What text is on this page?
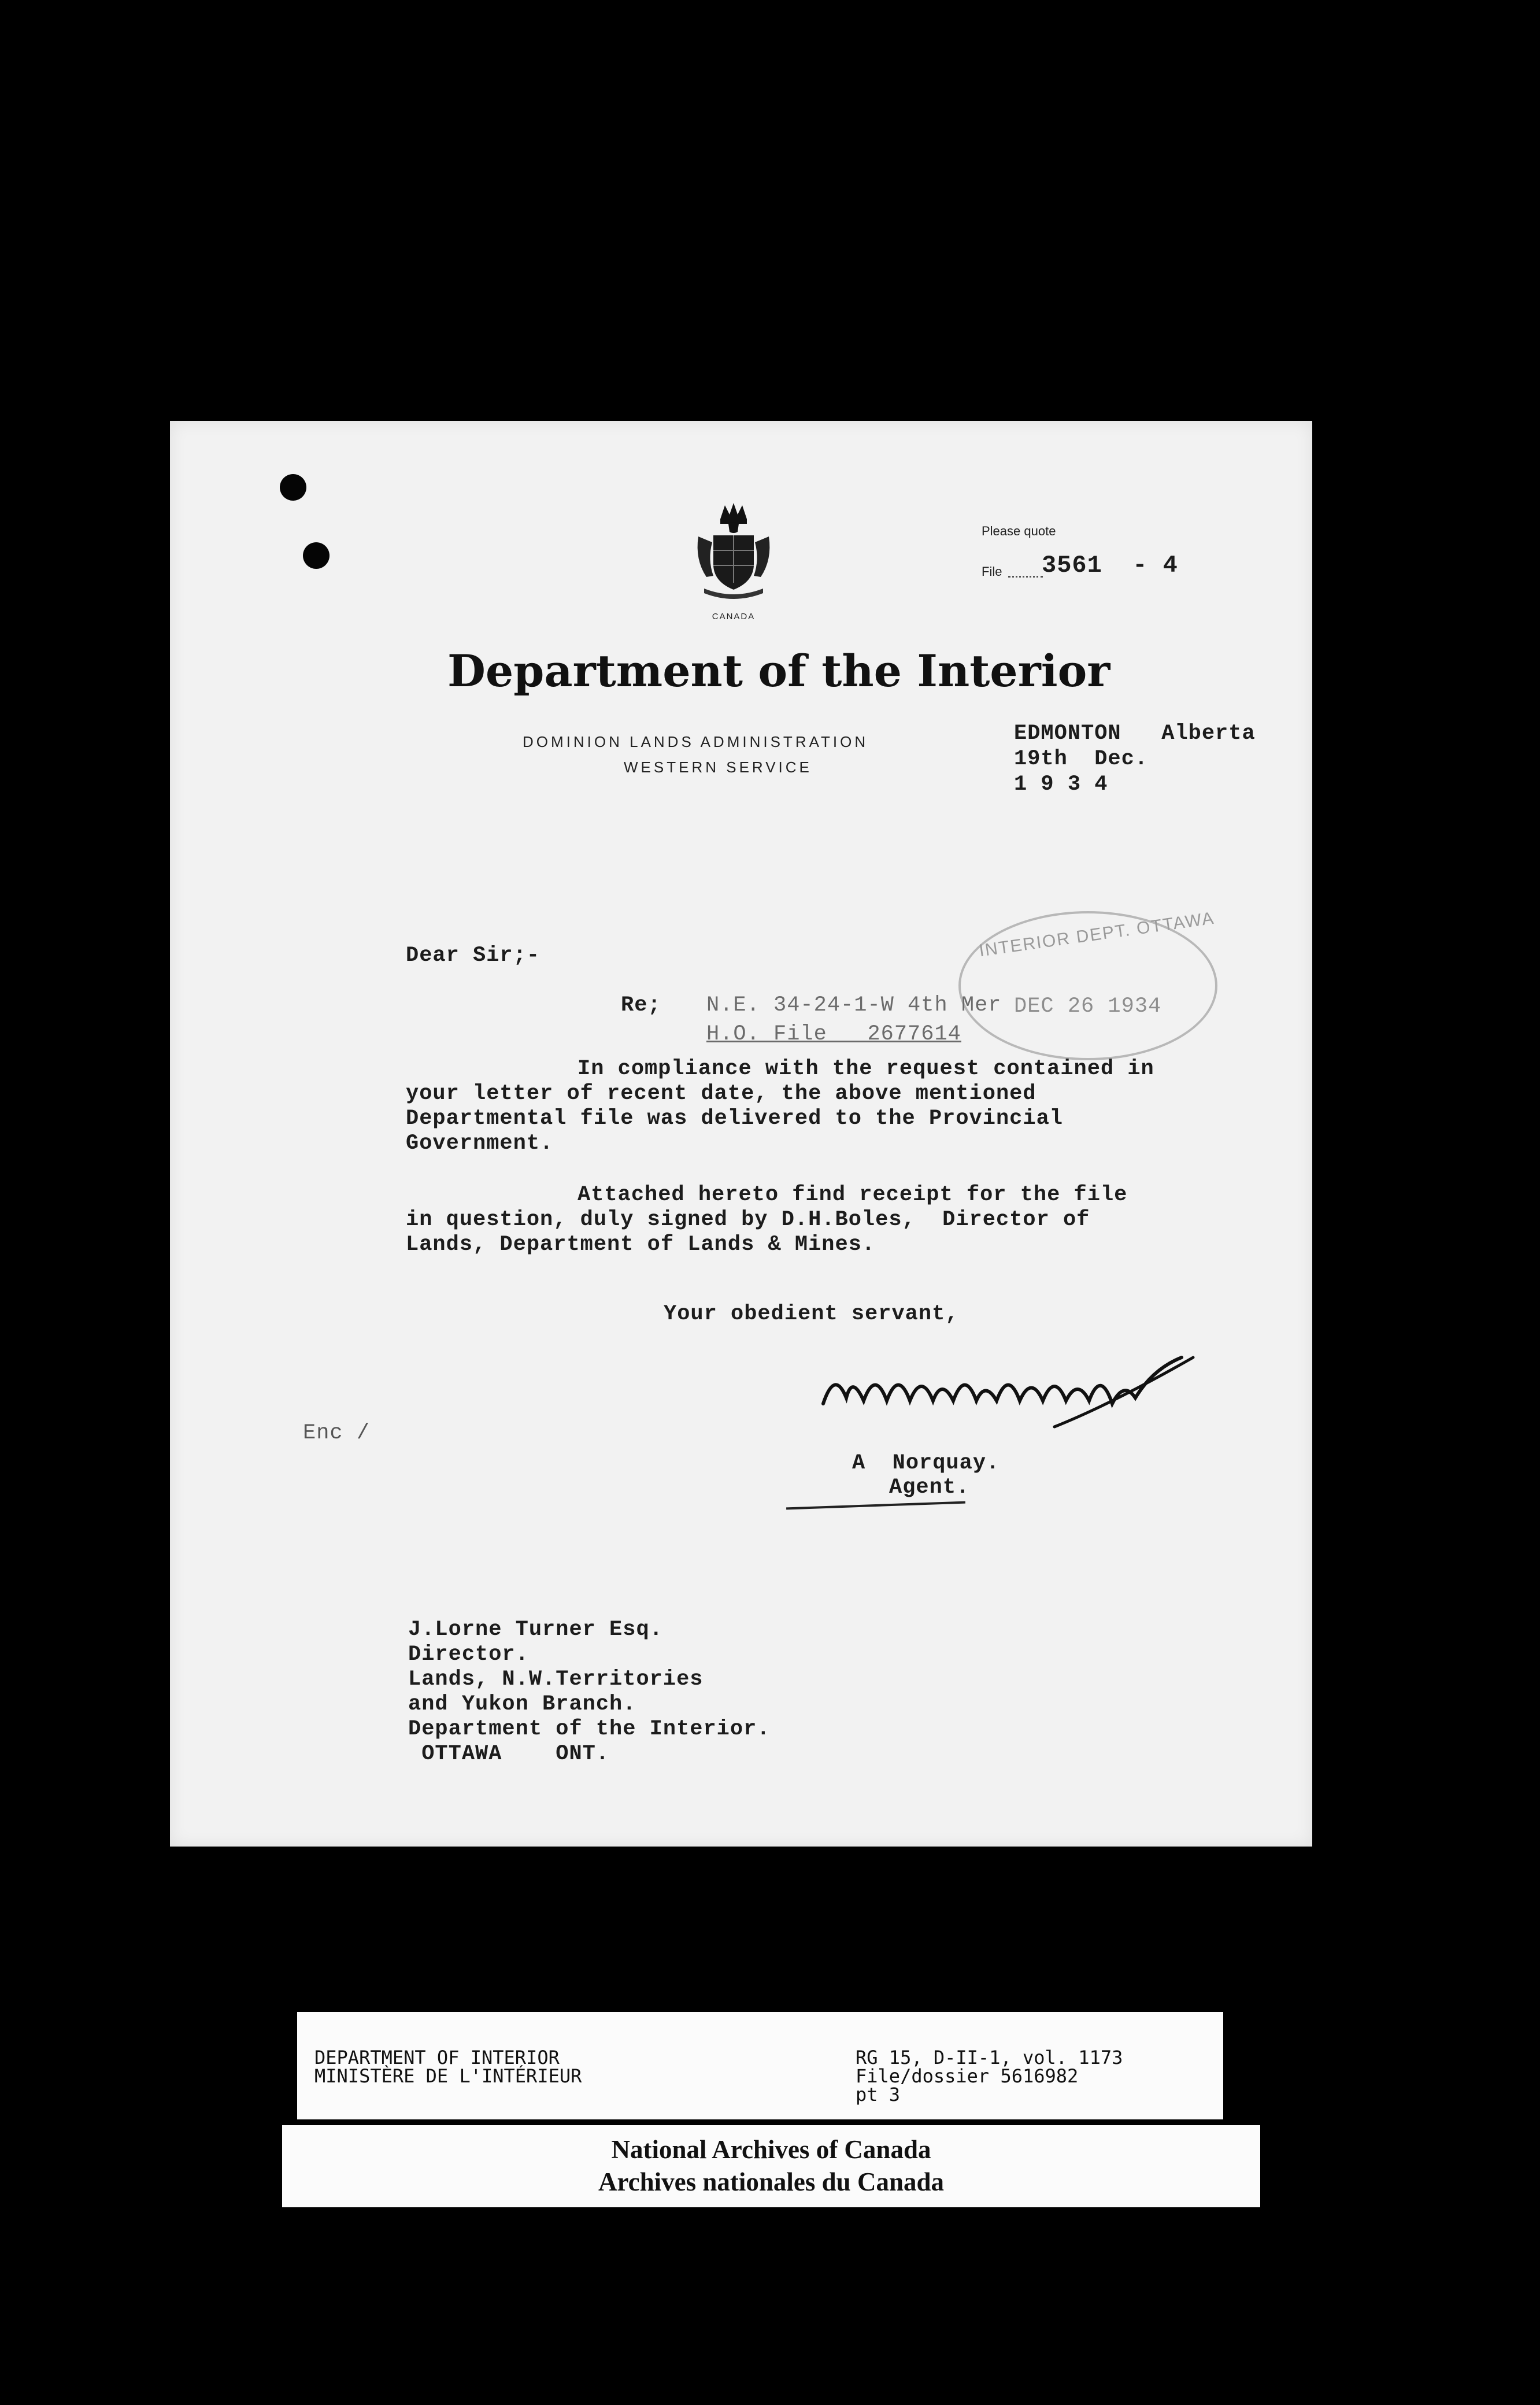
CANADA
Please quote
File 3561  - 4
Department of the Interior
DOMINION LANDS ADMINISTRATION
WESTERN SERVICE
EDMONTON   Alberta
19th  Dec.
1 9 3 4
INTERIOR DEPT. OTTAWA
Dear Sir;-
Re; N.E. 34-24-1-W 4th Mer DEC 26 1934
H.O. File   2677614
In compliance with the request contained in
your letter of recent date, the above mentioned
Departmental file was delivered to the Provincial
Government.
Attached hereto find receipt for the file
in question, duly signed by D.H.Boles,  Director of
Lands, Department of Lands & Mines.
Your obedient servant,
Enc /
A  Norquay.
Agent.
J.Lorne Turner Esq.
Director.
Lands, N.W.Territories
and Yukon Branch.
Department of the Interior.
OTTAWA    ONT.
DEPARTMENT OF INTERIOR
MINISTÈRE DE L'INTÉRIEUR
RG 15, D-II-1, vol. 1173
File/dossier 5616982
pt 3
National Archives of Canada
Archives nationales du Canada
